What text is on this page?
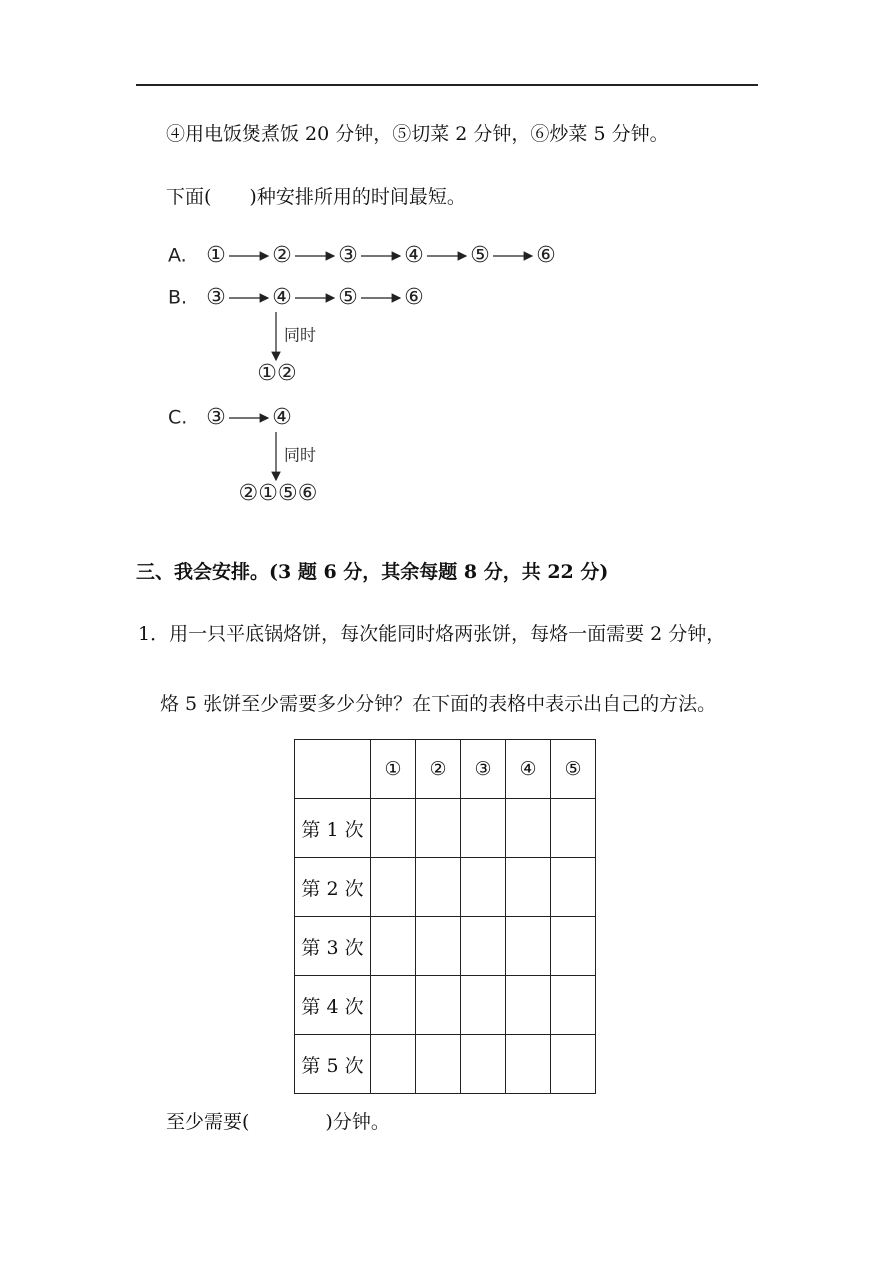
④用电饭煲煮饭 20 分钟，⑤切菜 2 分钟，⑥炒菜 5 分钟。
下面(　　)种安排所用的时间最短。
A. ① ② ③ ④ ⑤ ⑥
B. ③ ④ ⑤ ⑥
同时
①②
C. ③ ④
同时
②①⑤⑥
三、我会安排。(3 题 6 分，其余每题 8 分，共 22 分)
1．用一只平底锅烙饼，每次能同时烙两张饼，每烙一面需要 2 分钟，
烙 5 张饼至少需要多少分钟？在下面的表格中表示出自己的方法。
	①	②	③	④	⑤
第 1 次					
第 2 次					
第 3 次					
第 4 次					
第 5 次					
至少需要(　　　　)分钟。
